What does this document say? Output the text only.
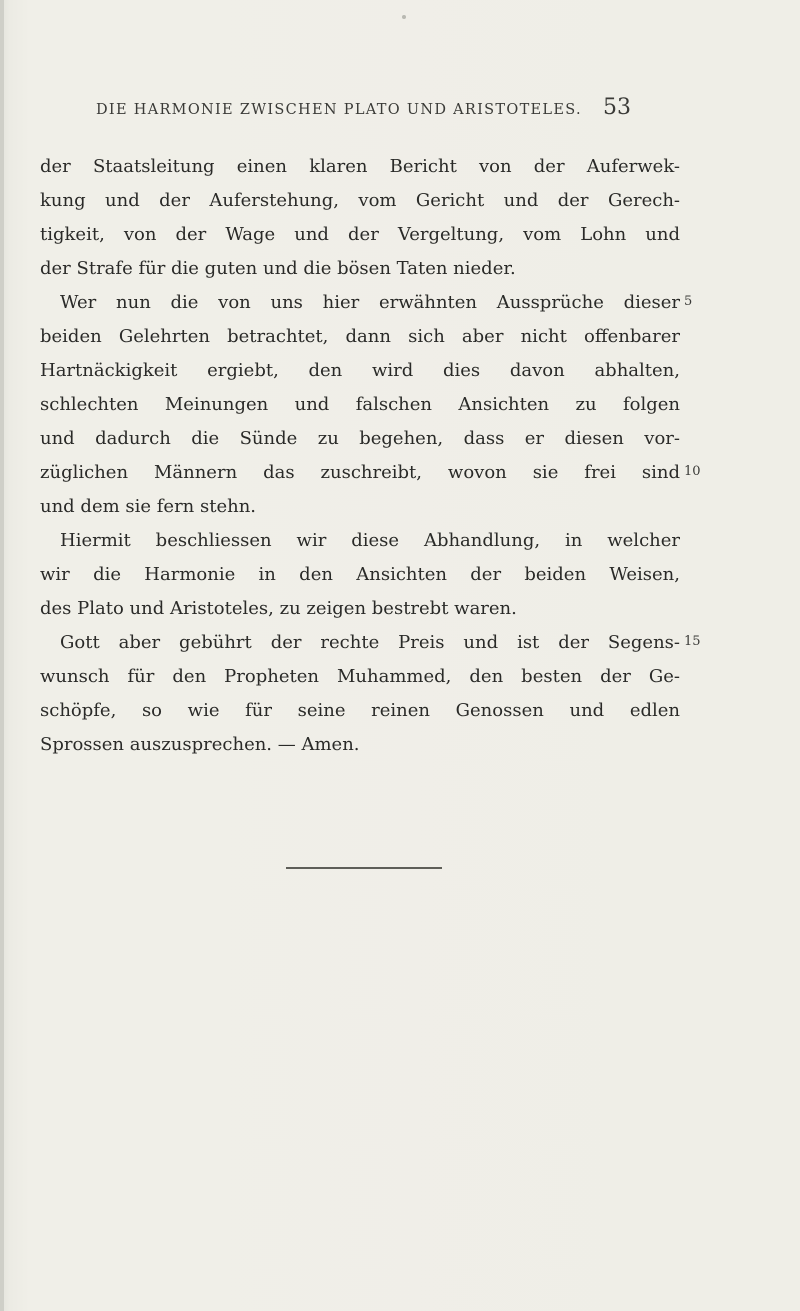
DIE HARMONIE ZWISCHEN PLATO UND ARISTOTELES. 53
der Staatsleitung einen klaren Bericht von der Auferwek-
kung und der Auferstehung, vom Gericht und der Gerech-
tigkeit, von der Wage und der Vergeltung, vom Lohn und
der Strafe für die guten und die bösen Taten nieder.
Wer nun die von uns hier erwähnten Aussprüche dieser
beiden Gelehrten betrachtet, dann sich aber nicht offenbarer
Hartnäckigkeit ergiebt, den wird dies davon abhalten,
schlechten Meinungen und falschen Ansichten zu folgen
und dadurch die Sünde zu begehen, dass er diesen vor-
züglichen Männern das zuschreibt, wovon sie frei sind
und dem sie fern stehn.
Hiermit beschliessen wir diese Abhandlung, in welcher
wir die Harmonie in den Ansichten der beiden Weisen,
des Plato und Aristoteles, zu zeigen bestrebt waren.
Gott aber gebührt der rechte Preis und ist der Segens-
wunsch für den Propheten Muhammed, den besten der Ge-
schöpfe, so wie für seine reinen Genossen und edlen
Sprossen auszusprechen. — Amen.
5
10
15
